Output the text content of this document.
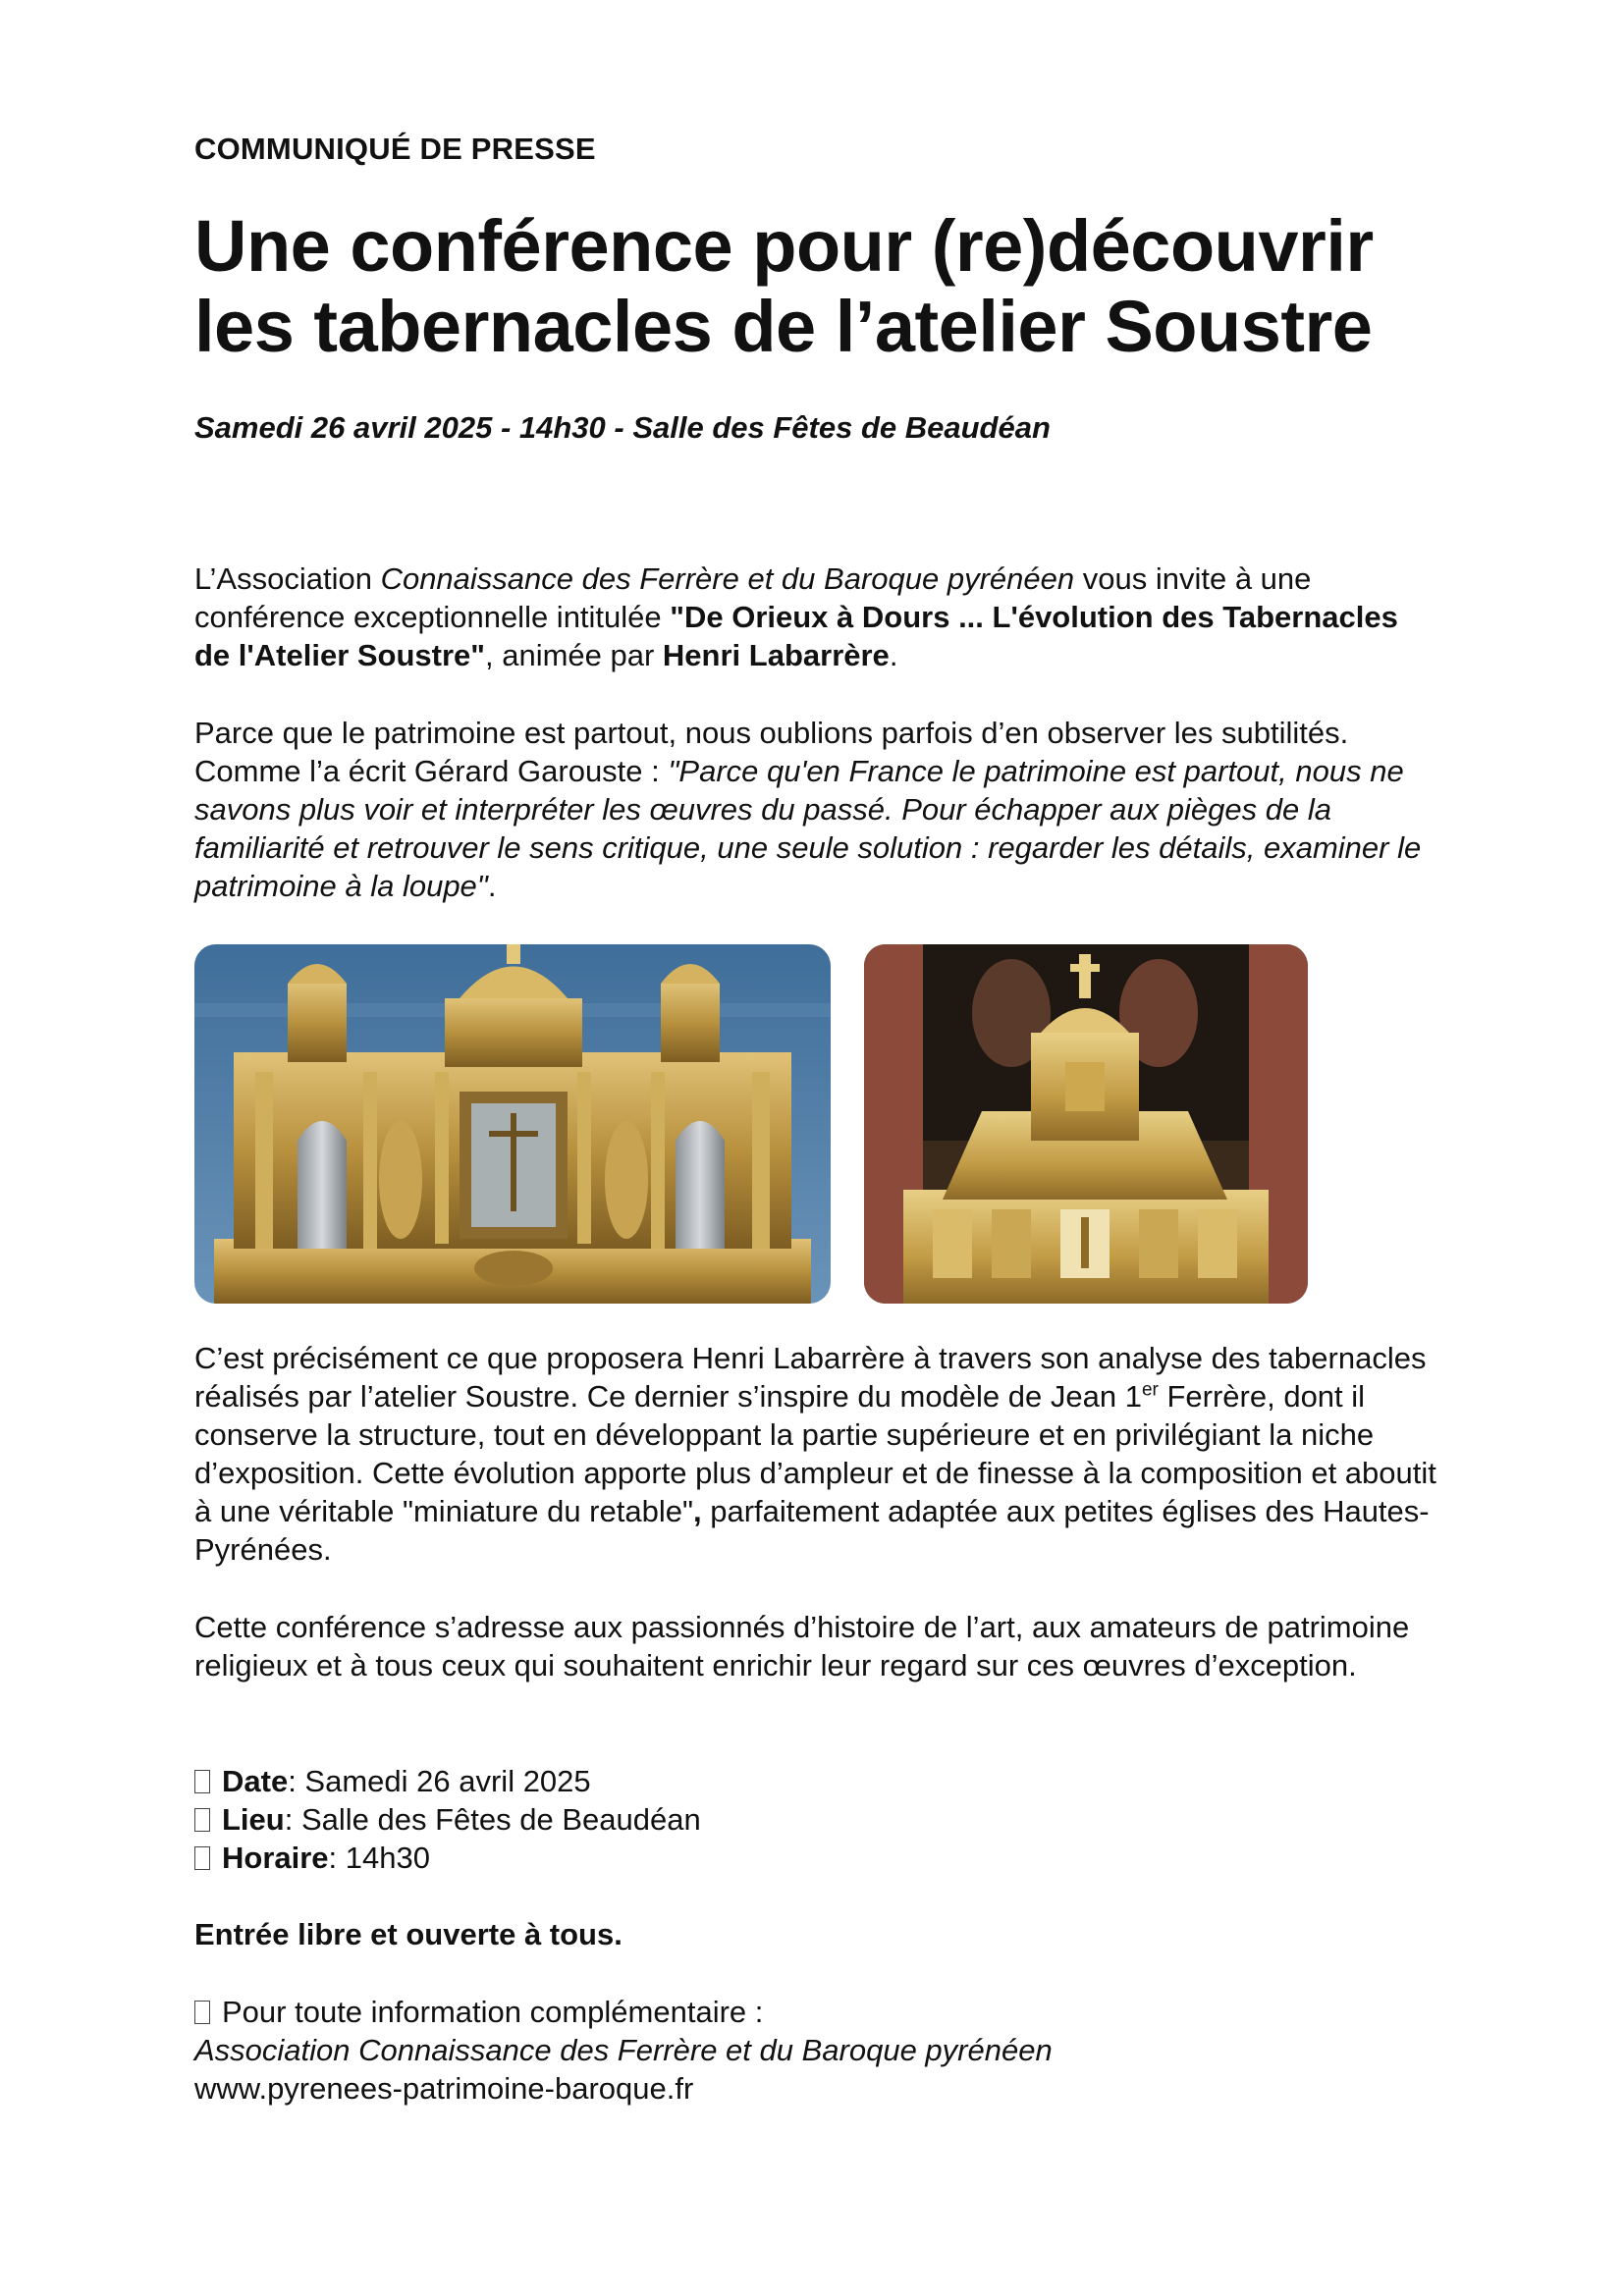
COMMUNIQUÉ DE PRESSE
Une conférence pour (re)découvrir
les tabernacles de l’atelier Soustre
Samedi 26 avril 2025 - 14h30 - Salle des Fêtes de Beaudéan

L’Association Connaissance des Ferrère et du Baroque pyrénéen vous invite à une conférence exceptionnelle intitulée "De Orieux à Dours ... L'évolution des Tabernacles de l'Atelier Soustre", animée par Henri Labarrère.

Parce que le patrimoine est partout, nous oublions parfois d’en observer les subtilités. Comme l’a écrit Gérard Garouste : "Parce qu'en France le patrimoine est partout, nous ne savons plus voir et interpréter les œuvres du passé. Pour échapper aux pièges de la familiarité et retrouver le sens critique, une seule solution : regarder les détails, examiner le patrimoine à la loupe".

C’est précisément ce que proposera Henri Labarrère à travers son analyse des tabernacles réalisés par l’atelier Soustre. Ce dernier s’inspire du modèle de Jean 1er Ferrère, dont il conserve la structure, tout en développant la partie supérieure et en privilégiant la niche d’exposition. Cette évolution apporte plus d’ampleur et de finesse à la composition et aboutit à une véritable "miniature du retable", parfaitement adaptée aux petites églises des Hautes-Pyrénées.

Cette conférence s’adresse aux passionnés d’histoire de l’art, aux amateurs de patrimoine religieux et à tous ceux qui souhaitent enrichir leur regard sur ces œuvres d’exception.

Date : Samedi 26 avril 2025
Lieu : Salle des Fêtes de Beaudéan
Horaire : 14h30
Entrée libre et ouverte à tous.
Pour toute information complémentaire :
Association Connaissance des Ferrère et du Baroque pyrénéen
www.pyrenees-patrimoine-baroque.fr
